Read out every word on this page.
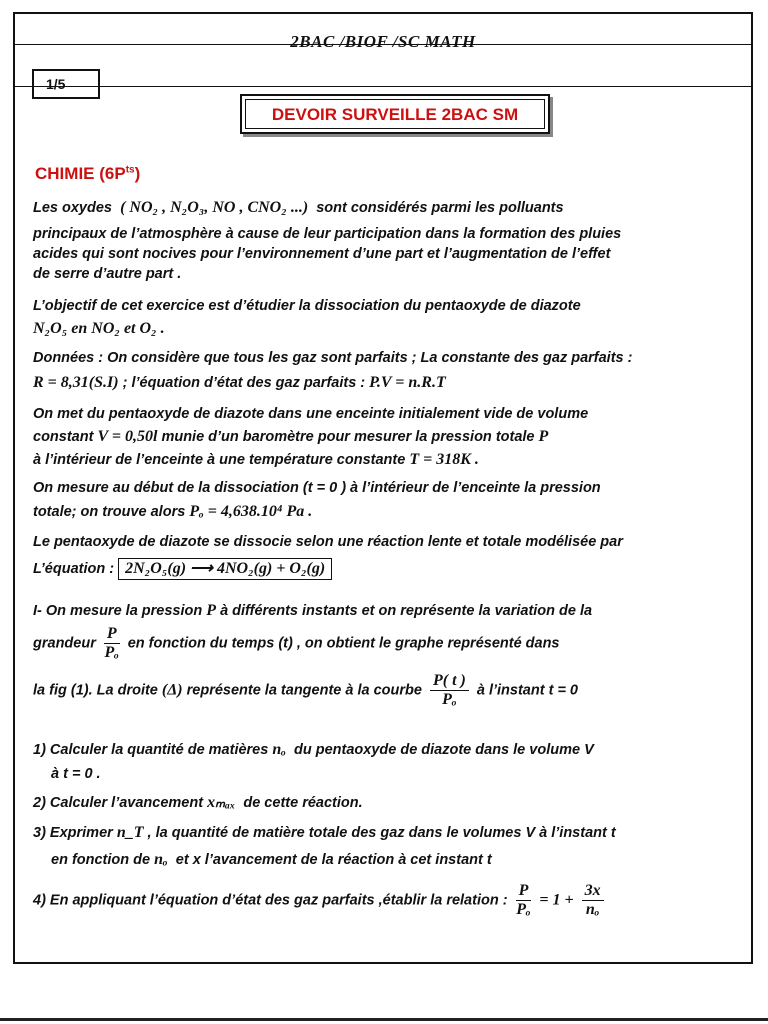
2BAC /BIOF /SC MATH
1/5
DEVOIR SURVEILLE 2BAC SM
CHIMIE $(6P^{ts})$
Les oxydes ( NO₂ , N₂O₃, NO , CNO₂ ...) sont considérés parmi les polluants
principaux de l’atmosphère à cause de leur participation dans la formation des pluies
acides qui sont nocives pour l’environnement d’une part et l’augmentation de l’effet
de serre d’autre part .
L’objectif de cet exercice est d’étudier la dissociation du pentaoxyde de diazote
N₂O₅ en NO₂ et O₂ .
Données : On considère que tous les gaz sont parfaits ; La constante des gaz parfaits :
R = 8,31(S.I) ; l’équation d’état des gaz parfaits : P.V = n.R.T
On met du pentaoxyde de diazote dans une enceinte initialement vide de volume
constant V = 0,50l munie d’un baromètre pour mesurer la pression totale P
à l’intérieur de l’enceinte à une température constante T = 318K .
On mesure au début de la dissociation (t = 0 ) à l’intérieur de l’enceinte la pression
totale; on trouve alors Pₒ = 4,638.10⁴ Pa .
Le pentaoxyde de diazote se dissocie selon une réaction lente et totale modélisée par
L’équation : 2N₂O₅(g) ⟶ 4NO₂(g) + O₂(g)
I- On mesure la pression P à différents instants et on représente la variation de la
grandeur $\frac{P}{\text{Pₒ}}$ en fonction du temps (t) , on obtient le graphe représenté dans
la fig (1). La droite (Δ) représente la tangente à la courbe $\frac{P( t )}{\text{Pₒ}}$ à l’instant t = 0
1) Calculer la quantité de matières nₒ du pentaoxyde de diazote dans le volume V
à t = 0 .
2) Calculer l’avancement xₘₐₓ de cette réaction.
3) Exprimer n_T , la quantité de matière totale des gaz dans le volumes V à l’instant t
en fonction de nₒ et x l’avancement de la réaction à cet instant t
4) En appliquant l’équation d’état des gaz parfaits ,établir la relation : $\frac{P}{\text{Pₒ}} = 1 + \frac{3x}{\text{nₒ}}$
